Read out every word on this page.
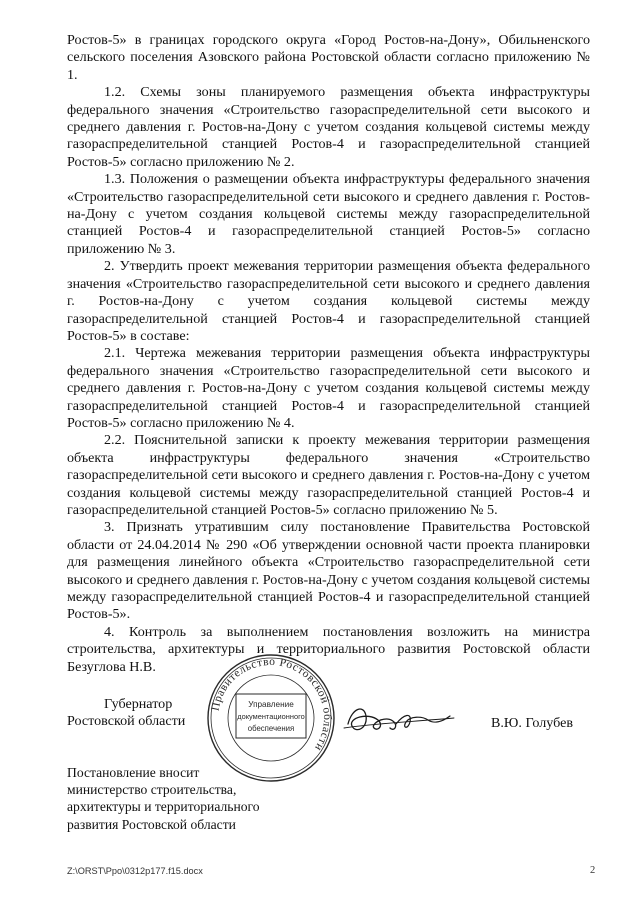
Ростов-5» в границах городского округа «Город Ростов-на-Дону», Обильненского сельского поселения Азовского района Ростовской области согласно приложению № 1.

1.2. Схемы зоны планируемого размещения объекта инфраструктуры федерального значения «Строительство газораспределительной сети высокого и среднего давления г. Ростов-на-Дону с учетом создания кольцевой системы между газораспределительной станцией Ростов-4 и газораспределительной станцией Ростов-5» согласно приложению № 2.

1.3. Положения о размещении объекта инфраструктуры федерального значения «Строительство газораспределительной сети высокого и среднего давления г. Ростов-на-Дону с учетом создания кольцевой системы между газораспределительной станцией Ростов-4 и газораспределительной станцией Ростов-5» согласно приложению № 3.

2. Утвердить проект межевания территории размещения объекта федерального значения «Строительство газораспределительной сети высокого и среднего давления г. Ростов-на-Дону с учетом создания кольцевой системы между газораспределительной станцией Ростов-4 и газораспределительной станцией Ростов-5» в составе:

2.1. Чертежа межевания территории размещения объекта инфраструктуры федерального значения «Строительство газораспределительной сети высокого и среднего давления г. Ростов-на-Дону с учетом создания кольцевой системы между газораспределительной станцией Ростов-4 и газораспределительной станцией Ростов-5» согласно приложению № 4.

2.2. Пояснительной записки к проекту межевания территории размещения объекта инфраструктуры федерального значения «Строительство газораспределительной сети высокого и среднего давления г. Ростов-на-Дону с учетом создания кольцевой системы между газораспределительной станцией Ростов-4 и газораспределительной станцией Ростов-5» согласно приложению № 5.

3. Признать утратившим силу постановление Правительства Ростовской области от 24.04.2014 № 290 «Об утверждении основной части проекта планировки для размещения линейного объекта «Строительство газораспределительной сети высокого и среднего давления г. Ростов-на-Дону с учетом создания кольцевой системы между газораспределительной станцией Ростов-4 и газораспределительной станцией Ростов-5».

4. Контроль за выполнением постановления возложить на министра строительства, архитектуры и территориального развития Ростовской области Безуглова Н.В.

Губернатор
Ростовской области
Правительство Ростовской области
Управление
документационного
обеспечения	В.Ю. Голубев
Постановление вносит
министерство строительства,
архитектуры и территориального
развития Ростовской области
Z:\ORST\Ppo\0312p177.f15.docx	2
